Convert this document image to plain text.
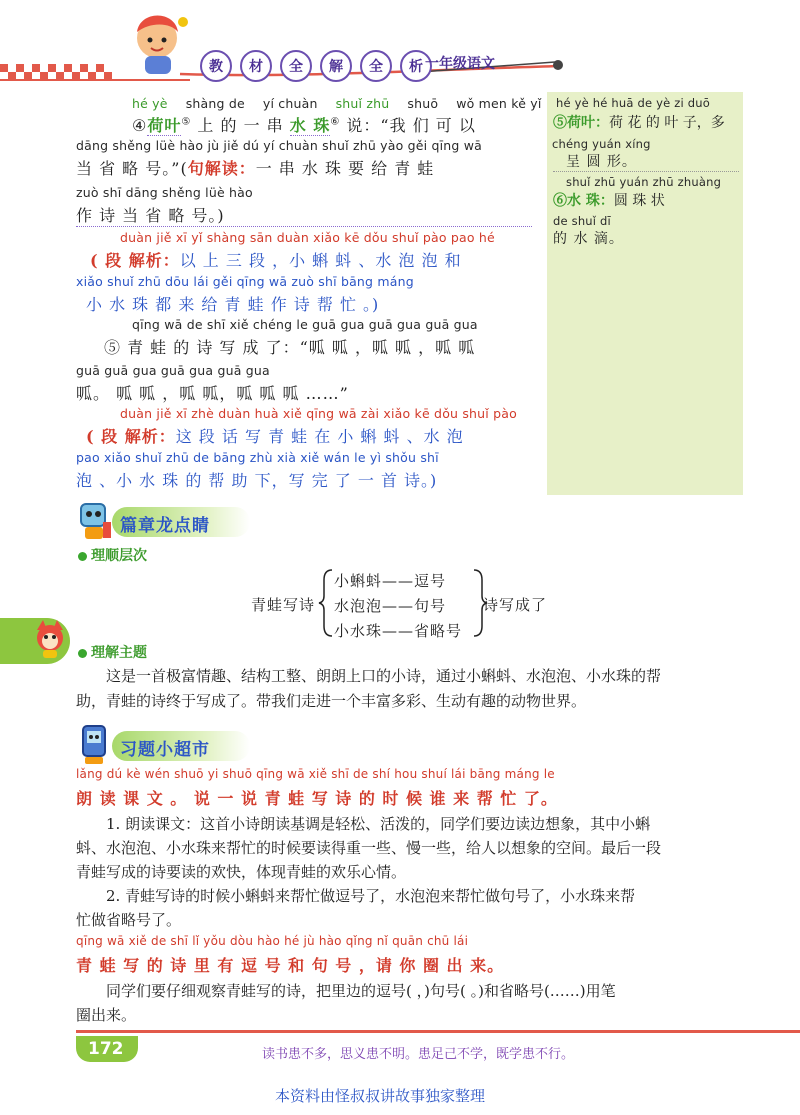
教	材	全	解	全	析 一年级语文
hé yè hé huā de yè zi duō
⑤荷叶：荷 花 的 叶 子，多
chéng yuán xíng
呈 圆 形。
shuǐ zhū yuán zhū zhuàng
⑥水 珠：圆 珠 状
de shuǐ dī
的 水 滴。
hé yè shàng de yí chuàn shuǐ zhū shuō wǒ men kě yǐ
④荷叶⑤ 上 的 一 串 水 珠⑥ 说：“我 们 可 以
dāng shěng lüè hào jù jiě dú yí chuàn shuǐ zhū yào gěi qīng wā
当 省 略 号。”(句解读：一 串 水 珠 要 给 青 蛙
zuò shī dāng shěng lüè hào
作 诗 当 省 略 号。)
duàn jiě xī yǐ shàng sān duàn xiǎo kē dǒu shuǐ pào pao hé
( 段 解析：以 上 三 段 ，小 蝌 蚪 、水 泡 泡 和
xiǎo shuǐ zhū dōu lái gěi qīng wā zuò shī bāng máng
小 水 珠 都 来 给 青 蛙 作 诗 帮 忙 。)
qīng wā de shī xiě chéng le guā gua guā gua guā gua
⑤ 青 蛙 的 诗 写 成 了：“呱 呱 ，呱 呱 ，呱 呱
guā guā gua guā gua guā gua
呱。 呱 呱 ，呱 呱，呱 呱 呱 ……”
duàn jiě xī zhè duàn huà xiě qīng wā zài xiǎo kē dǒu shuǐ pào
( 段 解析：这 段 话 写 青 蛙 在 小 蝌 蚪 、水 泡
pao xiǎo shuǐ zhū de bāng zhù xià xiě wán le yì shǒu shī
泡 、小 水 珠 的 帮 助 下，写 完 了 一 首 诗。)
篇章龙点睛
理顺层次
青蛙写诗
小蝌蚪——逗号
水泡泡——句号
小水珠——省略号
诗写成了
理解主题
这是一首极富情趣、结构工整、朗朗上口的小诗，通过小蝌蚪、水泡泡、小水珠的帮
助，青蛙的诗终于写成了。带我们走进一个丰富多彩、生动有趣的动物世界。
习题小超市
lǎng dú kè wén shuō yi shuō qīng wā xiě shī de shí hou shuí lái bāng máng le
朗 读 课 文 。 说 一 说 青 蛙 写 诗 的 时 候 谁 来 帮 忙 了。
1. 朗读课文：这首小诗朗读基调是轻松、活泼的，同学们要边读边想象，其中小蝌
蚪、水泡泡、小水珠来帮忙的时候要读得重一些、慢一些，给人以想象的空间。最后一段
青蛙写成的诗要读的欢快，体现青蛙的欢乐心情。
2. 青蛙写诗的时候小蝌蚪来帮忙做逗号了，水泡泡来帮忙做句号了，小水珠来帮
忙做省略号了。
qīng wā xiě de shī lǐ yǒu dòu hào hé jù hào qǐng nǐ quān chū lái
青 蛙 写 的 诗 里 有 逗 号 和 句 号 ，请 你 圈 出 来。
同学们要仔细观察青蛙写的诗，把里边的逗号( ，)句号( 。)和省略号(……)用笔
圈出来。
172	读书患不多，思义患不明。患足己不学，既学患不行。
本资料由怪叔叔讲故事独家整理
